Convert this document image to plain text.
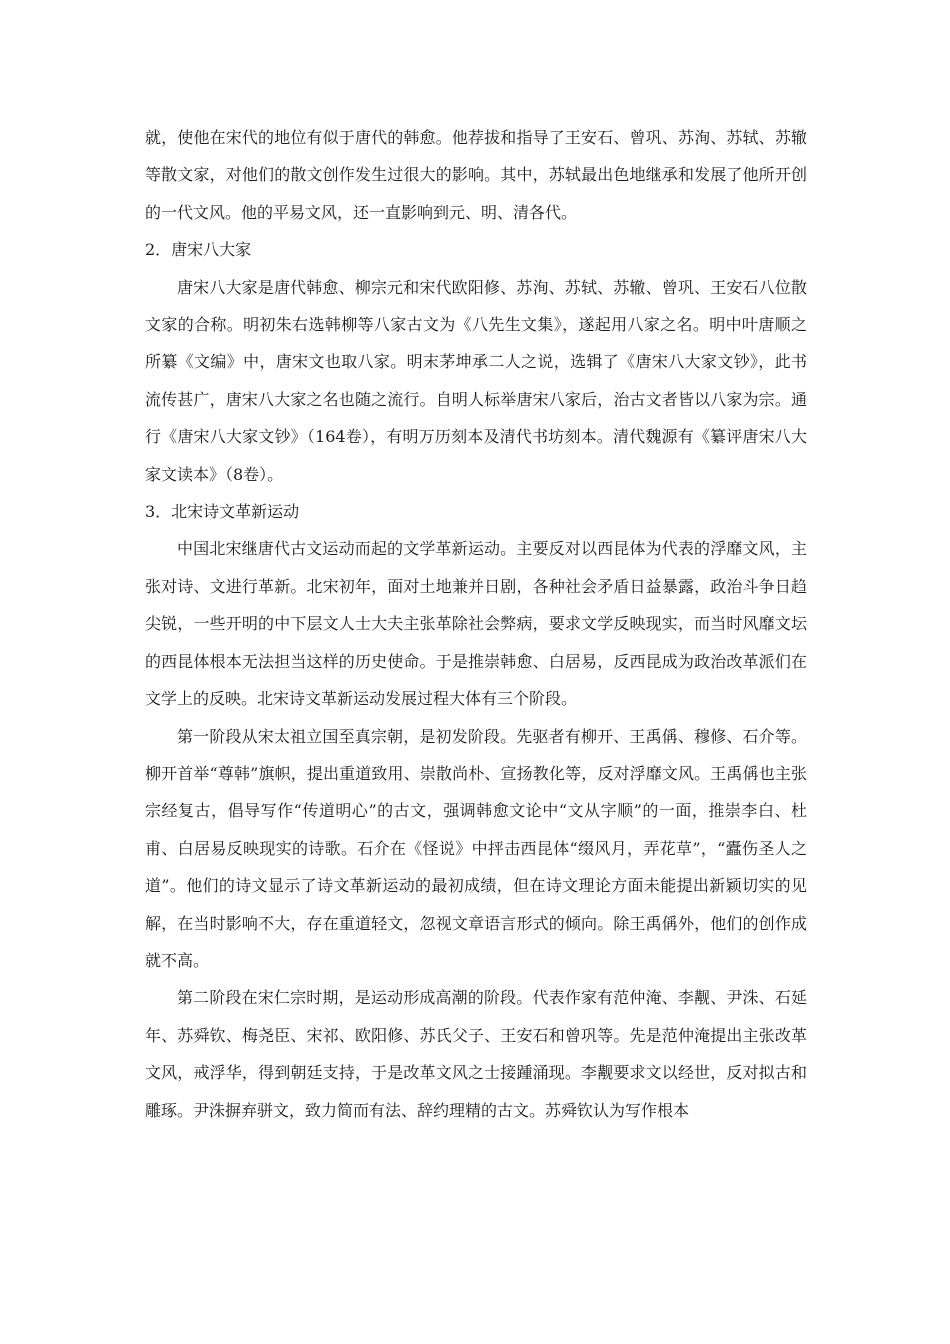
就，使他在宋代的地位有似于唐代的韩愈。他荐拔和指导了王安石、曾巩、苏洵、苏轼、苏辙等散文家，对他们的散文创作发生过很大的影响。其中，苏轼最出色地继承和发展了他所开创的一代文风。他的平易文风，还一直影响到元、明、清各代。

2．唐宋八大家

唐宋八大家是唐代韩愈、柳宗元和宋代欧阳修、苏洵、苏轼、苏辙、曾巩、王安石八位散文家的合称。明初朱右选韩柳等八家古文为《八先生文集》，遂起用八家之名。明中叶唐顺之所纂《文编》中，唐宋文也取八家。明末茅坤承二人之说，选辑了《唐宋八大家文钞》，此书流传甚广，唐宋八大家之名也随之流行。自明人标举唐宋八家后，治古文者皆以八家为宗。通行《唐宋八大家文钞》（164卷），有明万历刻本及清代书坊刻本。清代魏源有《纂评唐宋八大家文读本》（8卷）。

3．北宋诗文革新运动

中国北宋继唐代古文运动而起的文学革新运动。主要反对以西昆体为代表的浮靡文风，主张对诗、文进行革新。北宋初年，面对土地兼并日剧，各种社会矛盾日益暴露，政治斗争日趋尖锐，一些开明的中下层文人士大夫主张革除社会弊病，要求文学反映现实，而当时风靡文坛的西昆体根本无法担当这样的历史使命。于是推崇韩愈、白居易，反西昆成为政治改革派们在文学上的反映。北宋诗文革新运动发展过程大体有三个阶段。

第一阶段从宋太祖立国至真宗朝，是初发阶段。先驱者有柳开、王禹偁、穆修、石介等。柳开首举“尊韩”旗帜，提出重道致用、崇散尚朴、宣扬教化等，反对浮靡文风。王禹偁也主张宗经复古，倡导写作“传道明心”的古文，强调韩愈文论中“文从字顺”的一面，推崇李白、杜甫、白居易反映现实的诗歌。石介在《怪说》中抨击西昆体“缀风月，弄花草”，“蠹伤圣人之道”。他们的诗文显示了诗文革新运动的最初成绩，但在诗文理论方面未能提出新颖切实的见解，在当时影响不大，存在重道轻文，忽视文章语言形式的倾向。除王禹偁外，他们的创作成就不高。

第二阶段在宋仁宗时期，是运动形成高潮的阶段。代表作家有范仲淹、李觏、尹洙、石延年、苏舜钦、梅尧臣、宋祁、欧阳修、苏氏父子、王安石和曾巩等。先是范仲淹提出主张改革文风，戒浮华，得到朝廷支持，于是改革文风之士接踵涌现。李觏要求文以经世，反对拟古和雕琢。尹洙摒弃骈文，致力简而有法、辞约理精的古文。苏舜钦认为写作根本
